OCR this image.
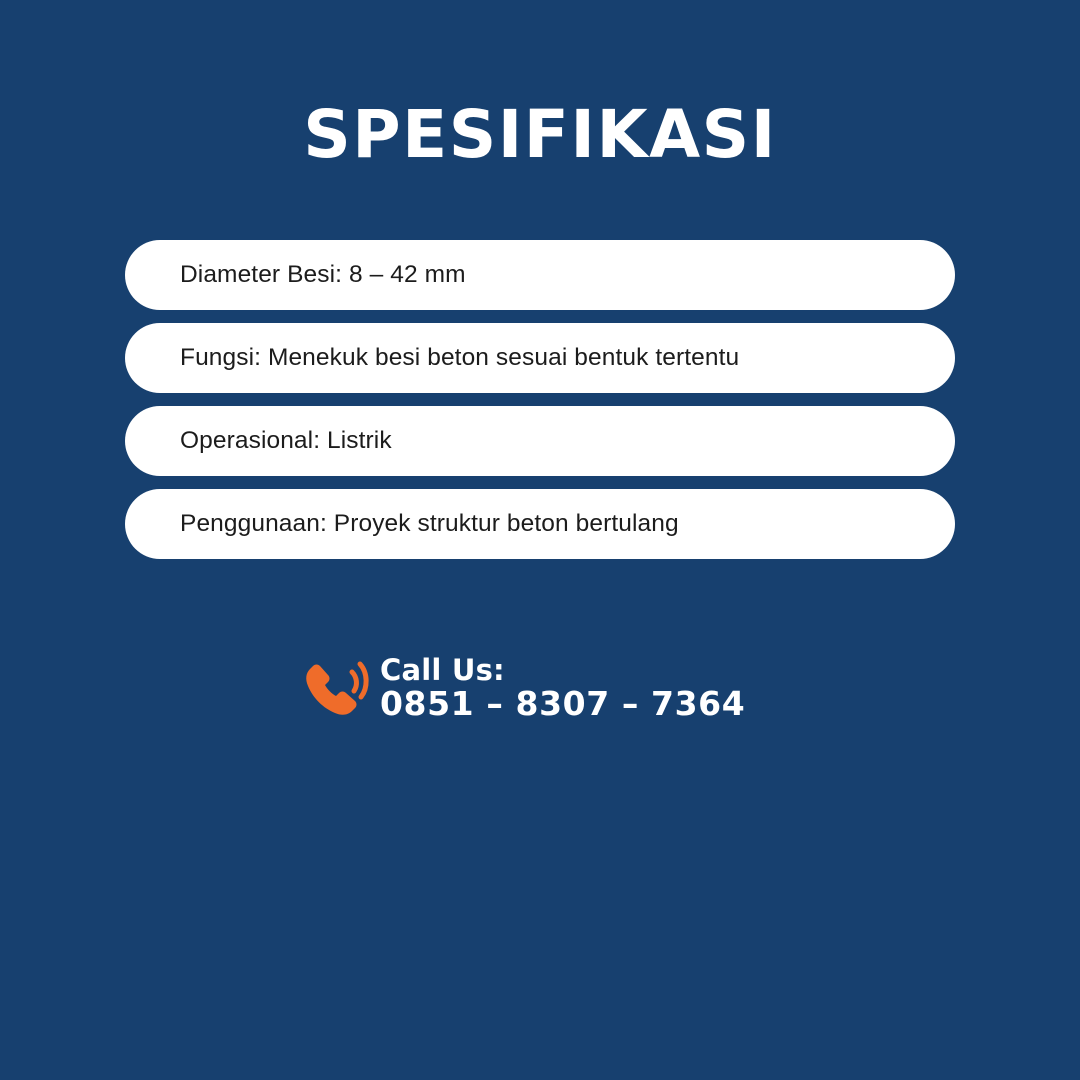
SPESIFIKASI
Diameter Besi: 8 – 42 mm
Fungsi: Menekuk besi beton sesuai bentuk tertentu
Operasional: Listrik
Penggunaan: Proyek struktur beton bertulang
Call Us:
0851 – 8307 – 7364
